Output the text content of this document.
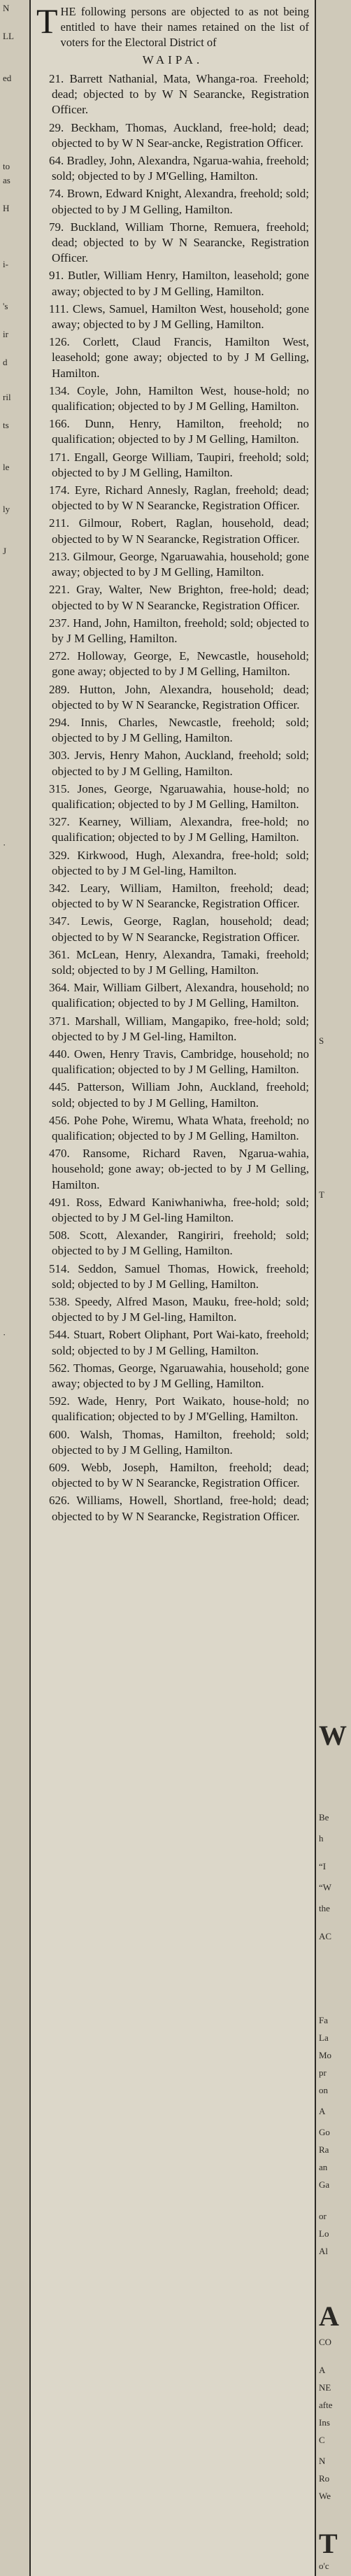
N
LL
ed
to
as
H
i-
's
ir
d
ril
ts
le
ly
J
·
·
THE following persons are objected to as not being entitled to have their names retained on the list of voters for the Electoral District of
WAIPA.

21. Barrett Nathanial, Mata, Whanga-roa. Freehold; dead; objected to by W N Searancke, Registration Officer.

29. Beckham, Thomas, Auckland, free-hold; dead; objected to by W N Sear-ancke, Registration Officer.

64. Bradley, John, Alexandra, Ngarua-wahia, freehold; sold; objected to by J M'Gelling, Hamilton.

74. Brown, Edward Knight, Alexandra, freehold; sold; objected to by J M Gelling, Hamilton.

79. Buckland, William Thorne, Remuera, freehold; dead; objected to by W N Searancke, Registration Officer.

91. Butler, William Henry, Hamilton, leasehold; gone away; objected to by J M Gelling, Hamilton.

111. Clews, Samuel, Hamilton West, household; gone away; objected to by J M Gelling, Hamilton.

126. Corlett, Claud Francis, Hamilton West, leasehold; gone away; objected to by J M Gelling, Hamilton.

134. Coyle, John, Hamilton West, house-hold; no qualification; objected to by J M Gelling, Hamilton.

166. Dunn, Henry, Hamilton, freehold; no qualification; objected to by J M Gelling, Hamilton.

171. Engall, George William, Taupiri, freehold; sold; objected to by J M Gelling, Hamilton.

174. Eyre, Richard Annesly, Raglan, freehold; dead; objected to by W N Searancke, Registration Officer.

211. Gilmour, Robert, Raglan, household, dead; objected to by W N Searancke, Registration Officer.

213. Gilmour, George, Ngaruawahia, household; gone away; objected to by J M Gelling, Hamilton.

221. Gray, Walter, New Brighton, free-hold; dead; objected to by W N Searancke, Registration Officer.

237. Hand, John, Hamilton, freehold; sold; objected to by J M Gelling, Hamilton.

272. Holloway, George, E, Newcastle, household; gone away; objected to by J M Gelling, Hamilton.

289. Hutton, John, Alexandra, household; dead; objected to by W N Searancke, Registration Officer.

294. Innis, Charles, Newcastle, freehold; sold; objected to by J M Gelling, Hamilton.

303. Jervis, Henry Mahon, Auckland, freehold; sold; objected to by J M Gelling, Hamilton.

315. Jones, George, Ngaruawahia, house-hold; no qualification; objected to by J M Gelling, Hamilton.

327. Kearney, William, Alexandra, free-hold; no qualification; objected to by J M Gelling, Hamilton.

329. Kirkwood, Hugh, Alexandra, free-hold; sold; objected to by J M Gel-ling, Hamilton.

342. Leary, William, Hamilton, freehold; dead; objected to by W N Searancke, Registration Officer.

347. Lewis, George, Raglan, household; dead; objected to by W N Searancke, Registration Officer.

361. McLean, Henry, Alexandra, Tamaki, freehold; sold; objected to by J M Gelling, Hamilton.

364. Mair, William Gilbert, Alexandra, household; no qualification; objected to by J M Gelling, Hamilton.

371. Marshall, William, Mangapiko, free-hold; sold; objected to by J M Gel-ling, Hamilton.

440. Owen, Henry Travis, Cambridge, household; no qualification; objected to by J M Gelling, Hamilton.

445. Patterson, William John, Auckland, freehold; sold; objected to by J M Gelling, Hamilton.

456. Pohe Pohe, Wiremu, Whata Whata, freehold; no qualification; objected to by J M Gelling, Hamilton.

470. Ransome, Richard Raven, Ngarua-wahia, household; gone away; ob-jected to by J M Gelling, Hamilton.

491. Ross, Edward Kaniwhaniwha, free-hold; sold; objected to by J M Gel-ling Hamilton.

508. Scott, Alexander, Rangiriri, freehold; sold; objected to by J M Gelling, Hamilton.

514. Seddon, Samuel Thomas, Howick, freehold; sold; objected to by J M Gelling, Hamilton.

538. Speedy, Alfred Mason, Mauku, free-hold; sold; objected to by J M Gel-ling, Hamilton.

544. Stuart, Robert Oliphant, Port Wai-kato, freehold; sold; objected to by J M Gelling, Hamilton.

562. Thomas, George, Ngaruawahia, household; gone away; objected to by J M Gelling, Hamilton.

592. Wade, Henry, Port Waikato, house-hold; no qualification; objected to by J M'Gelling, Hamilton.

600. Walsh, Thomas, Hamilton, freehold; sold; objected to by J M Gelling, Hamilton.

609. Webb, Joseph, Hamilton, freehold; dead; objected to by W N Searancke, Registration Officer.

626. Williams, Howell, Shortland, free-hold; dead; objected to by W N Searancke, Registration Officer.

S
T
W
Be
h
“I
“W
the
AC
Fa
La
Mo
pr
on
A
Go
Ra
an
Ga
or
Lo
Al
A
CO
A
NE
afte
Ins
C
N
Ro
We
T
o'c
